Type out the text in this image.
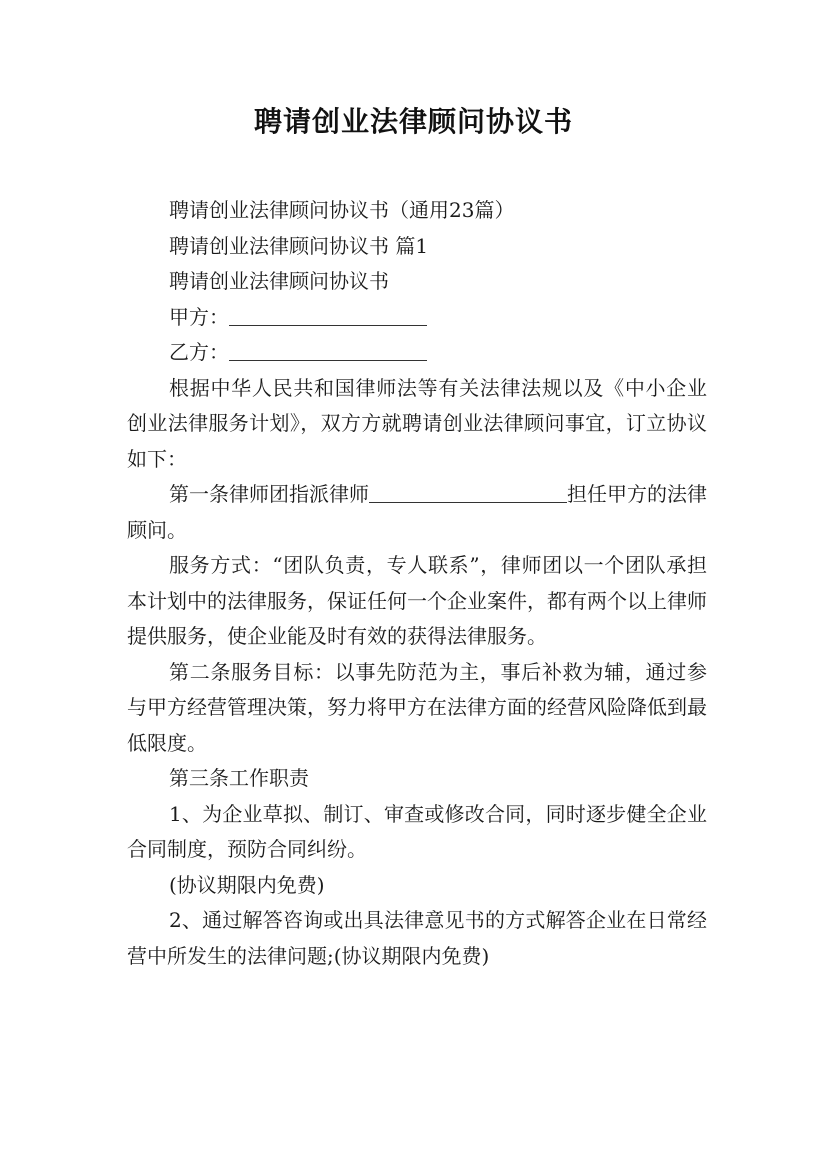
聘请创业法律顾问协议书

聘请创业法律顾问协议书（通用23篇）

聘请创业法律顾问协议书 篇1

聘请创业法律顾问协议书

甲方：

乙方：

根据中华人民共和国律师法等有关法律法规以及《中小企业创业法律服务计划》，双方方就聘请创业法律顾问事宜，订立协议如下：

第一条律师团指派律师	担任甲方的法律顾问。

服务方式：“团队负责，专人联系”，律师团以一个团队承担本计划中的法律服务，保证任何一个企业案件，都有两个以上律师提供服务，使企业能及时有效的获得法律服务。

第二条服务目标：以事先防范为主，事后补救为辅，通过参与甲方经营管理决策，努力将甲方在法律方面的经营风险降低到最低限度。

第三条工作职责

1、为企业草拟、制订、审查或修改合同，同时逐步健全企业合同制度，预防合同纠纷。

(协议期限内免费)

2、通过解答咨询或出具法律意见书的方式解答企业在日常经营中所发生的法律问题;(协议期限内免费)
